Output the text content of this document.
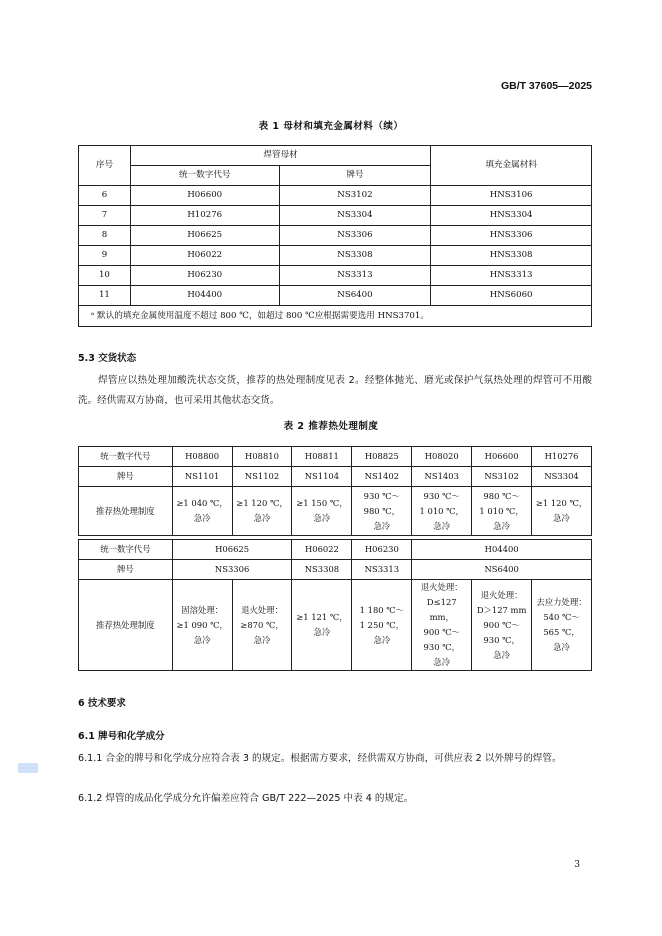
GB/T 37605—2025
表 1 母材和填充金属材料（续）
序号	焊管母材		填充金属材料
	统一数字代号	牌号	
6	H06600	NS3102	HNS3106
7	H10276	NS3304	HNS3304
8	H06625	NS3306	HNS3306
9	H06022	NS3308	HNS3308
10	H06230	NS3313	HNS3313
11	H04400	NS6400	HNS6060
ᵃ 默认的填充金属使用温度不超过 800 ℃，如超过 800 ℃应根据需要选用 HNS3701。			
5.3 交货状态
焊管应以热处理加酸洗状态交货，推荐的热处理制度见表 2。经整体抛光、磨光或保护气氛热处理的焊管可不用酸洗。经供需双方协商，也可采用其他状态交货。
表 2 推荐热处理制度
统一数字代号	H08800	H08810	H08811	H08825	H08020	H06600	H10276
牌号	NS1101	NS1102	NS1104	NS1402	NS1403	NS3102	NS3304
推荐热处理制度	≥1 040 ℃，
急冷	≥1 120 ℃，
急冷	≥1 150 ℃，
急冷	930 ℃～
980 ℃，
急冷	930 ℃～
1 010 ℃，
急冷	980 ℃～
1 010 ℃，
急冷	≥1 120 ℃，
急冷
统一数字代号	H06625		H06022	H06230	H04400		
牌号	NS3306		NS3308	NS3313	NS6400		
推荐热处理制度	固溶处理：
≥1 090 ℃，
急冷	退火处理：
≥870 ℃，
急冷	≥1 121 ℃，
急冷	1 180 ℃～
1 250 ℃，
急冷	退火处理：
D≤127 mm，
900 ℃～
930 ℃，
急冷	退火处理：
D＞127 mm
900 ℃～
930 ℃，
急冷	去应力处理：
540 ℃～
565 ℃，
急冷
6 技术要求
6.1 牌号和化学成分
6.1.1 合金的牌号和化学成分应符合表 3 的规定。根据需方要求，经供需双方协商，可供应表 2 以外牌号的焊管。
6.1.2 焊管的成品化学成分允许偏差应符合 GB/T 222—2025 中表 4 的规定。
3
